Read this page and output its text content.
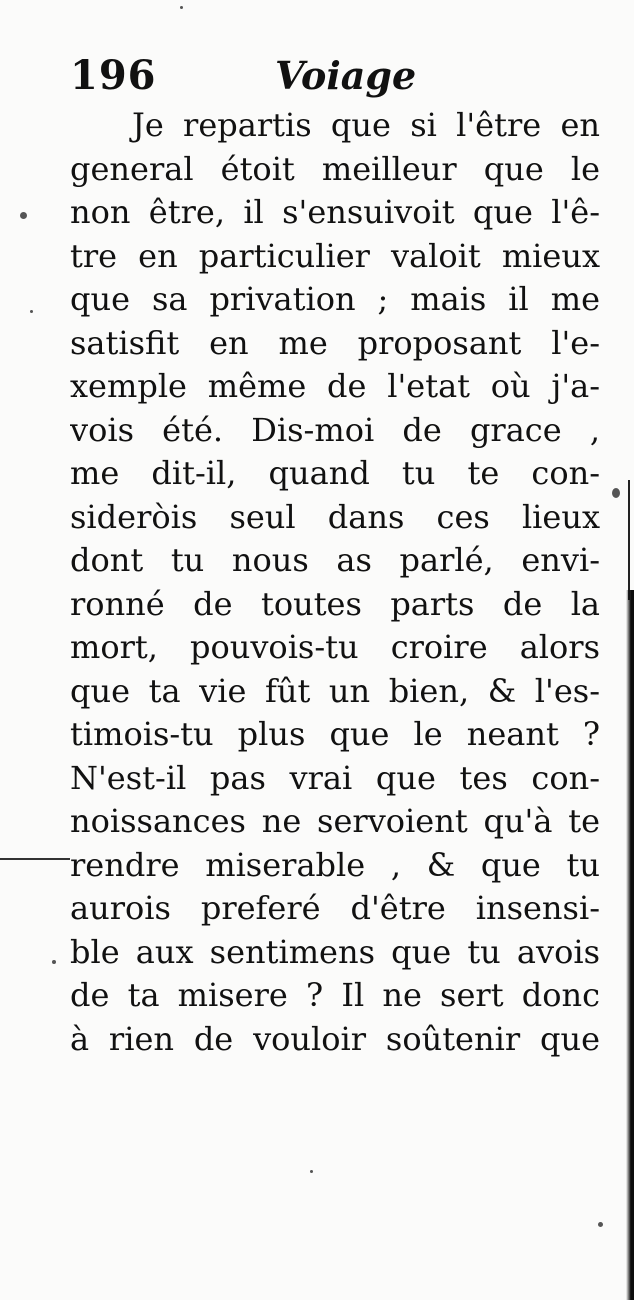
196	Voiage
Je repartis que si l'être en
general étoit meilleur que le
non être, il s'ensuivoit que l'ê-
tre en particulier valoit mieux
que sa privation ; mais il me
satisfit en me proposant l'e-
xemple même de l'etat où j'a-
vois été. Dis-moi de grace ,
me dit-il, quand tu te con-
sideròis seul dans ces lieux
dont tu nous as parlé, envi-
ronné de toutes parts de la
mort, pouvois-tu croire alors
que ta vie fût un bien, & l'es-
timois-tu plus que le neant ?
N'est-il pas vrai que tes con-
noissances ne servoient qu'à te
rendre miserable , & que tu
aurois preferé d'être insensi-
ble aux sentimens que tu avois
de ta misere ? Il ne sert donc
à rien de vouloir soûtenir que
